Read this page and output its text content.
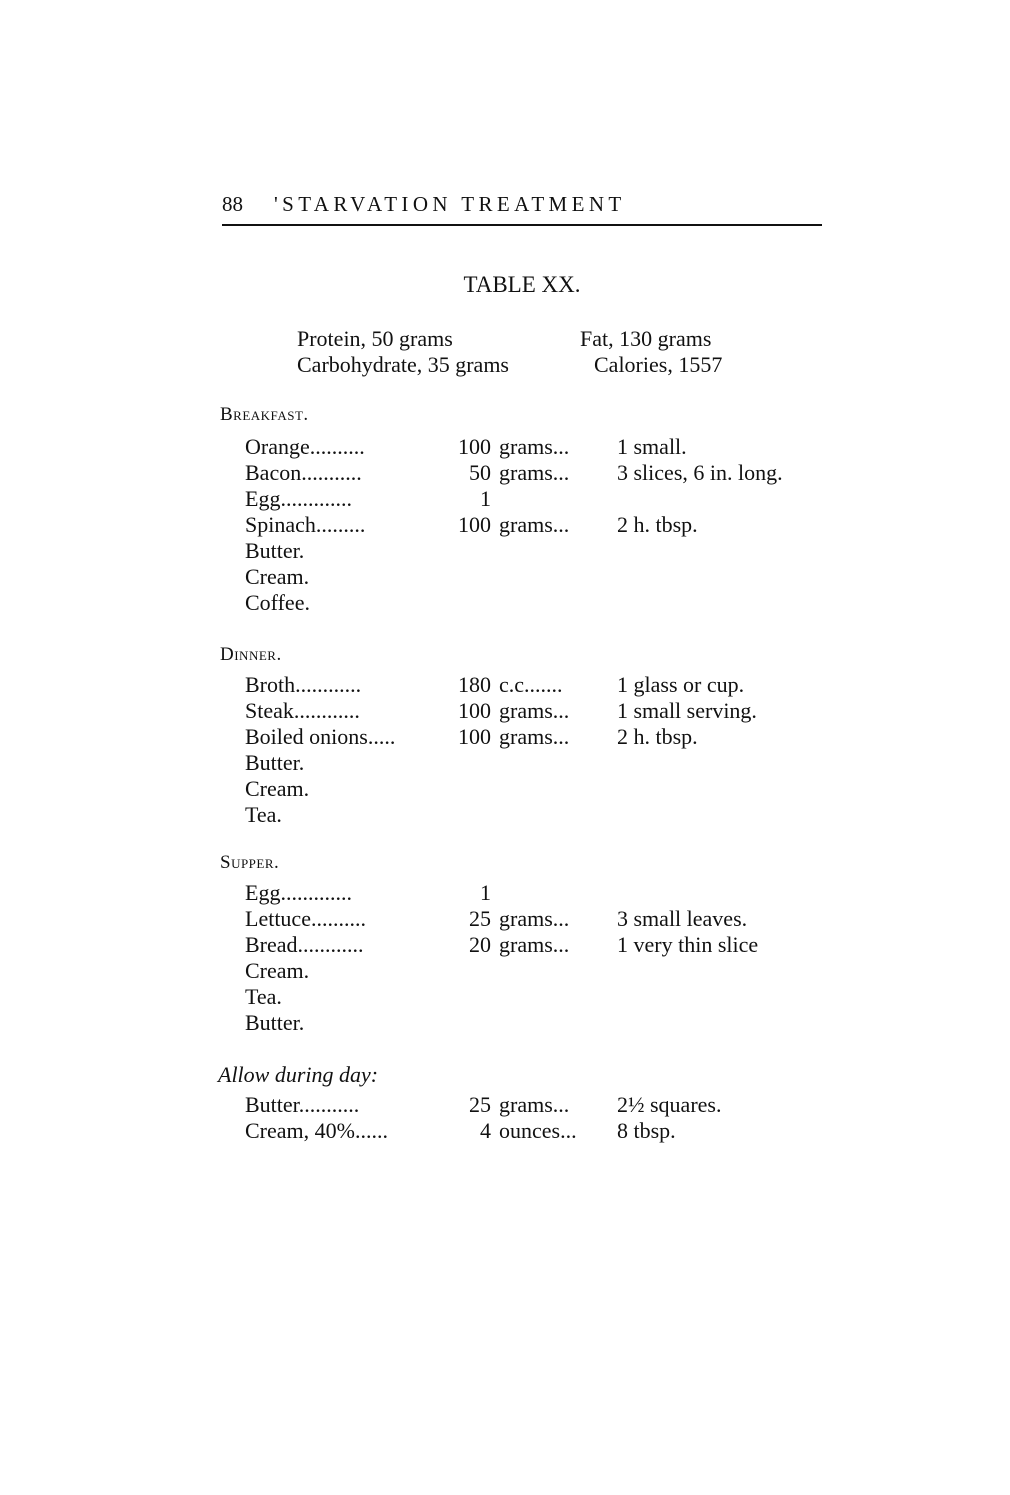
88 'STARVATION TREATMENT
TABLE XX.
Protein, 50 grams	Fat, 130 grams
Carbohydrate, 35 grams	Calories, 1557
Breakfast.
Orange..........	100 grams... 1 small.
Bacon...........	50 grams... 3 slices, 6 in. long.
Egg.............	1
Spinach.........	100 grams... 2 h. tbsp.
Butter.
Cream.
Coffee.
Dinner.
Broth............	180 c.c....... 1 glass or cup.
Steak............	100 grams... 1 small serving.
Boiled onions.....	100 grams... 2 h. tbsp.
Butter.
Cream.
Tea.
Supper.
Egg.............	1
Lettuce..........	25 grams... 3 small leaves.
Bread............	20 grams... 1 very thin slice
Cream.
Tea.
Butter.
Allow during day:
Butter...........	25 grams... 2½ squares.
Cream, 40%......	4 ounces... 8 tbsp.
